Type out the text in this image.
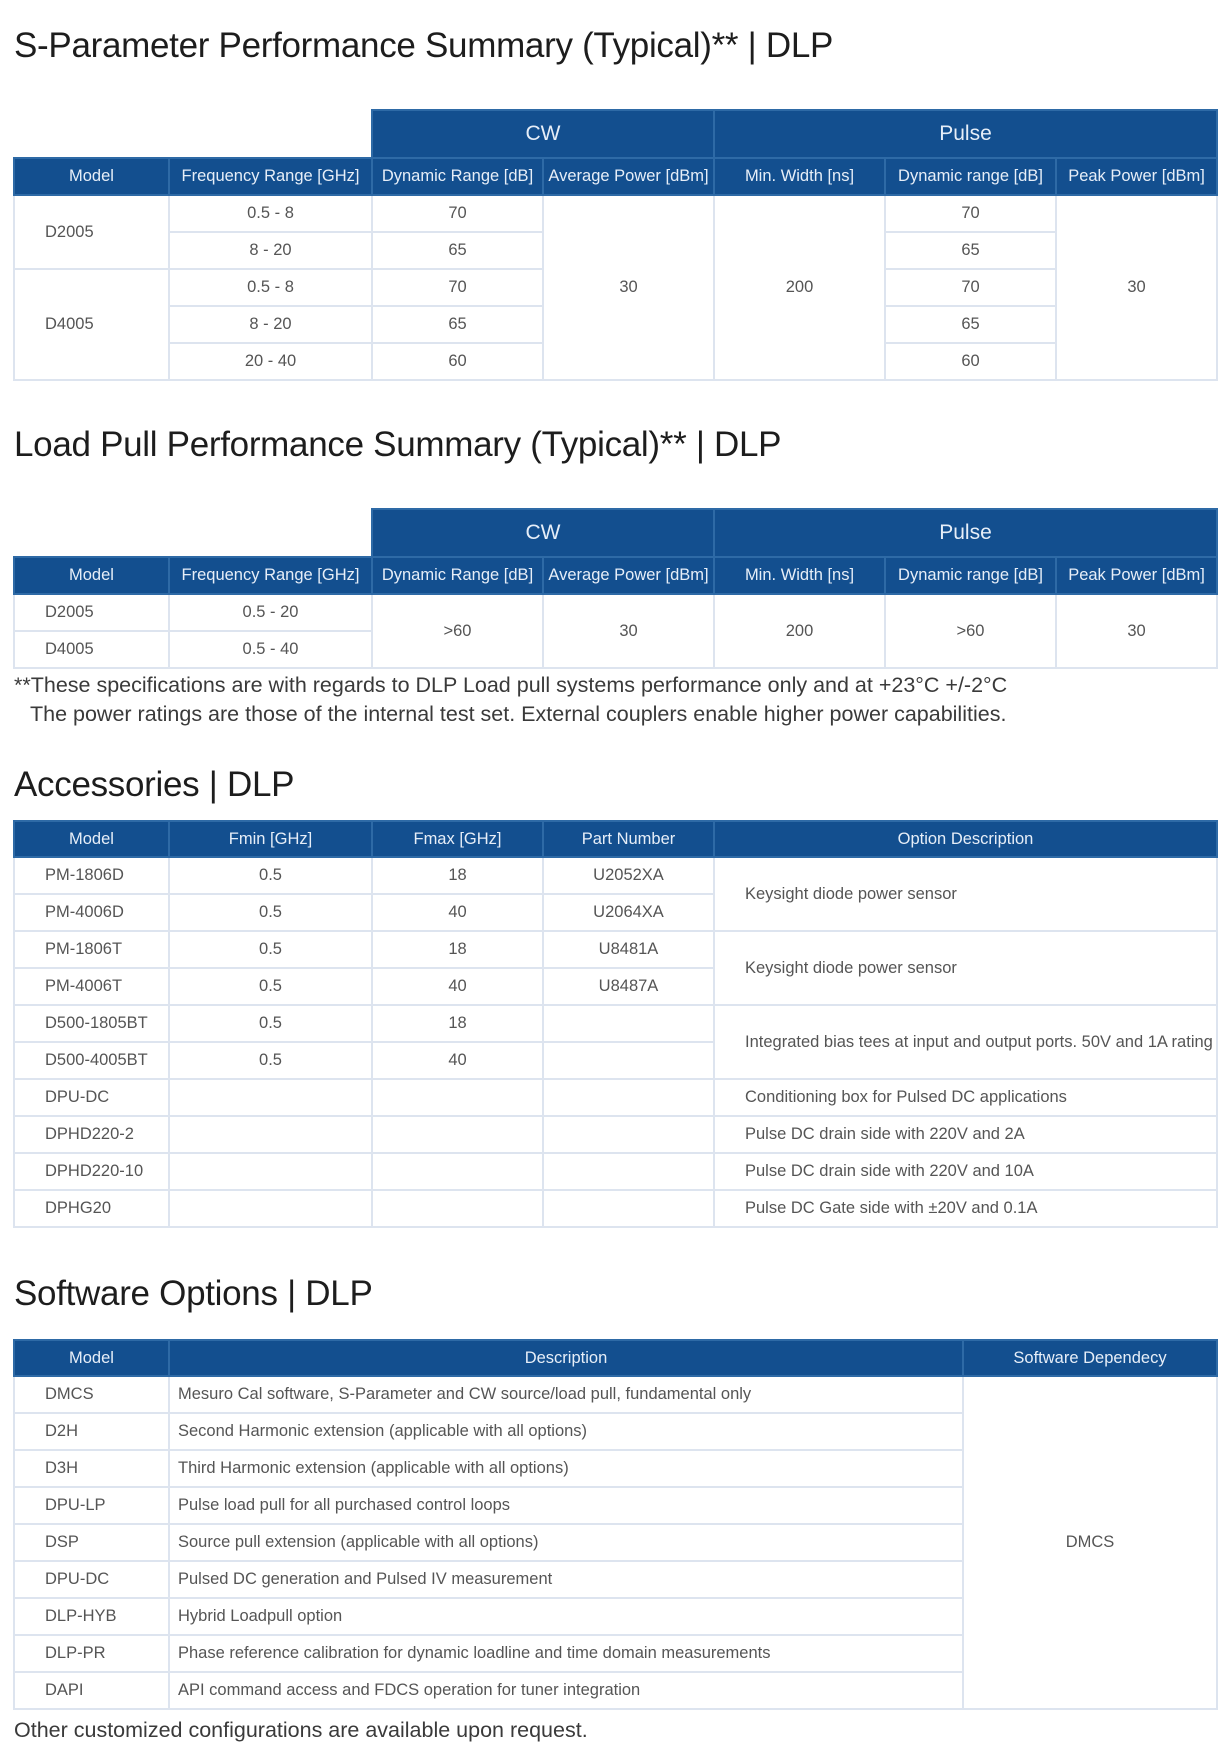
S-Parameter Performance Summary (Typical)** | DLP
		CW		Pulse		
Model	Frequency Range [GHz]	Dynamic Range [dB]	Average Power [dBm]	Min. Width [ns]	Dynamic range [dB]	Peak Power [dBm]
D2005	0.5 - 8	70	30	200	70	30
	8 - 20	65			65	
D4005	0.5 - 8	70			70	
	8 - 20	65			65	
	20 - 40	60			60	
Load Pull Performance Summary (Typical)** | DLP
		CW		Pulse		
Model	Frequency Range [GHz]	Dynamic Range [dB]	Average Power [dBm]	Min. Width [ns]	Dynamic range [dB]	Peak Power [dBm]
D2005	0.5 - 20	>60	30	200	>60	30
D4005	0.5 - 40					
**These specifications are with regards to DLP Load pull systems performance only and at +23°C +/-2°C
The power ratings are those of the internal test set. External couplers enable higher power capabilities.
Accessories | DLP
Model	Fmin [GHz]	Fmax [GHz]	Part Number	Option Description
PM-1806D	0.5	18	U2052XA	Keysight diode power sensor
PM-4006D	0.5	40	U2064XA	
PM-1806T	0.5	18	U8481A	Keysight diode power sensor
PM-4006T	0.5	40	U8487A	
D500-1805BT	0.5	18		Integrated bias tees at input and output ports. 50V and 1A rating
D500-4005BT	0.5	40		
DPU-DC				Conditioning box for Pulsed DC applications
DPHD220-2				Pulse DC drain side with 220V and 2A
DPHD220-10				Pulse DC drain side with 220V and 10A
DPHG20				Pulse DC Gate side with ±20V and 0.1A
Software Options | DLP
Model	Description	Software Dependecy
DMCS	Mesuro Cal software, S-Parameter and CW source/load pull, fundamental only	DMCS
D2H	Second Harmonic extension (applicable with all options)	
D3H	Third Harmonic extension (applicable with all options)	
DPU-LP	Pulse load pull for all purchased control loops	
DSP	Source pull extension (applicable with all options)	
DPU-DC	Pulsed DC generation and Pulsed IV measurement	
DLP-HYB	Hybrid Loadpull option	
DLP-PR	Phase reference calibration for dynamic loadline and time domain measurements	
DAPI	API command access and FDCS operation for tuner integration	
Other customized configurations are available upon request.
